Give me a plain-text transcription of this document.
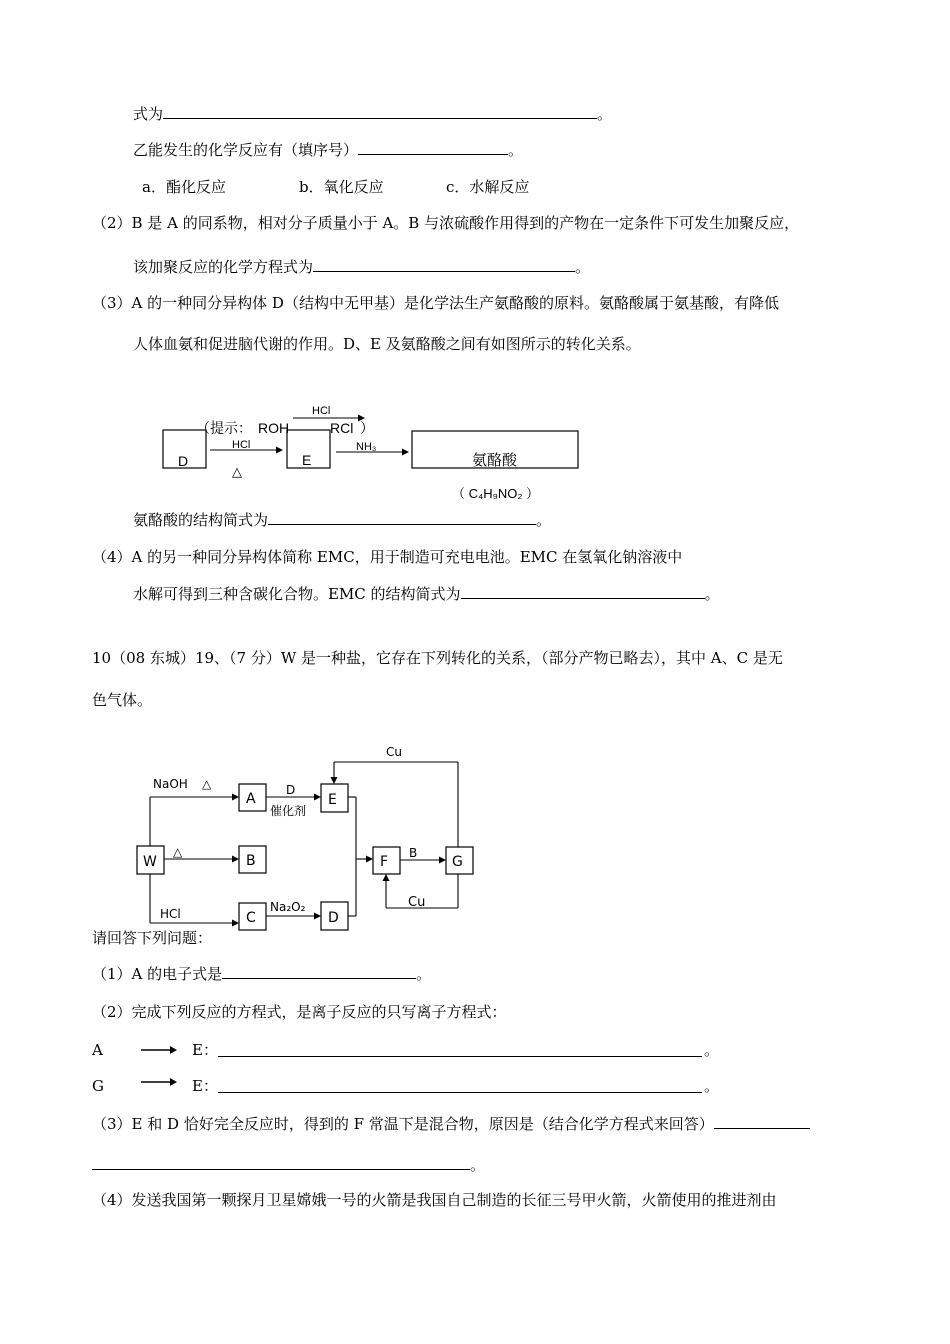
式为	。
乙能发生的化学反应有（填序号）	。
a．酯化反应	b．氧化反应	c．水解反应
（2）B 是 A 的同系物，相对分子质量小于 A。B 与浓硫酸作用得到的产物在一定条件下可发生加聚反应，
该加聚反应的化学方程式为	。
（3）A 的一种同分异构体 D（结构中无甲基）是化学法生产氨酪酸的原料。氨酪酸属于氨基酸，有降低
人体血氨和促进脑代谢的作用。D、E 及氨酪酸之间有如图所示的转化关系。
（提示： ROH
HCl
RCl ）
D
HCl
△
E
NH₃
氨酪酸
（ C₄H₉NO₂ ）
氨酪酸的结构简式为	。
（4）A 的另一种同分异构体简称 EMC，用于制造可充电电池。EMC 在氢氧化钠溶液中
水解可得到三种含碳化合物。EMC 的结构简式为	。
10（08 东城）19、（7 分）W 是一种盐，它存在下列转化的关系，（部分产物已略去），其中 A、C 是无
色气体。
W
NaOH △
△
HCl
A
B
C
D
催化剂
Na₂O₂
E
D
F
B
G
Cu
Cu
请回答下列问题：
（1）A 的电子式是	。
（2）完成下列反应的方程式，是离子反应的只写离子方程式：
A → E：	。
G → E：	。
（3）E 和 D 恰好完全反应时，得到的 F 常温下是混合物，原因是（结合化学方程式来回答）
。
（4）发送我国第一颗探月卫星嫦娥一号的火箭是我国自己制造的长征三号甲火箭，火箭使用的推进剂由
